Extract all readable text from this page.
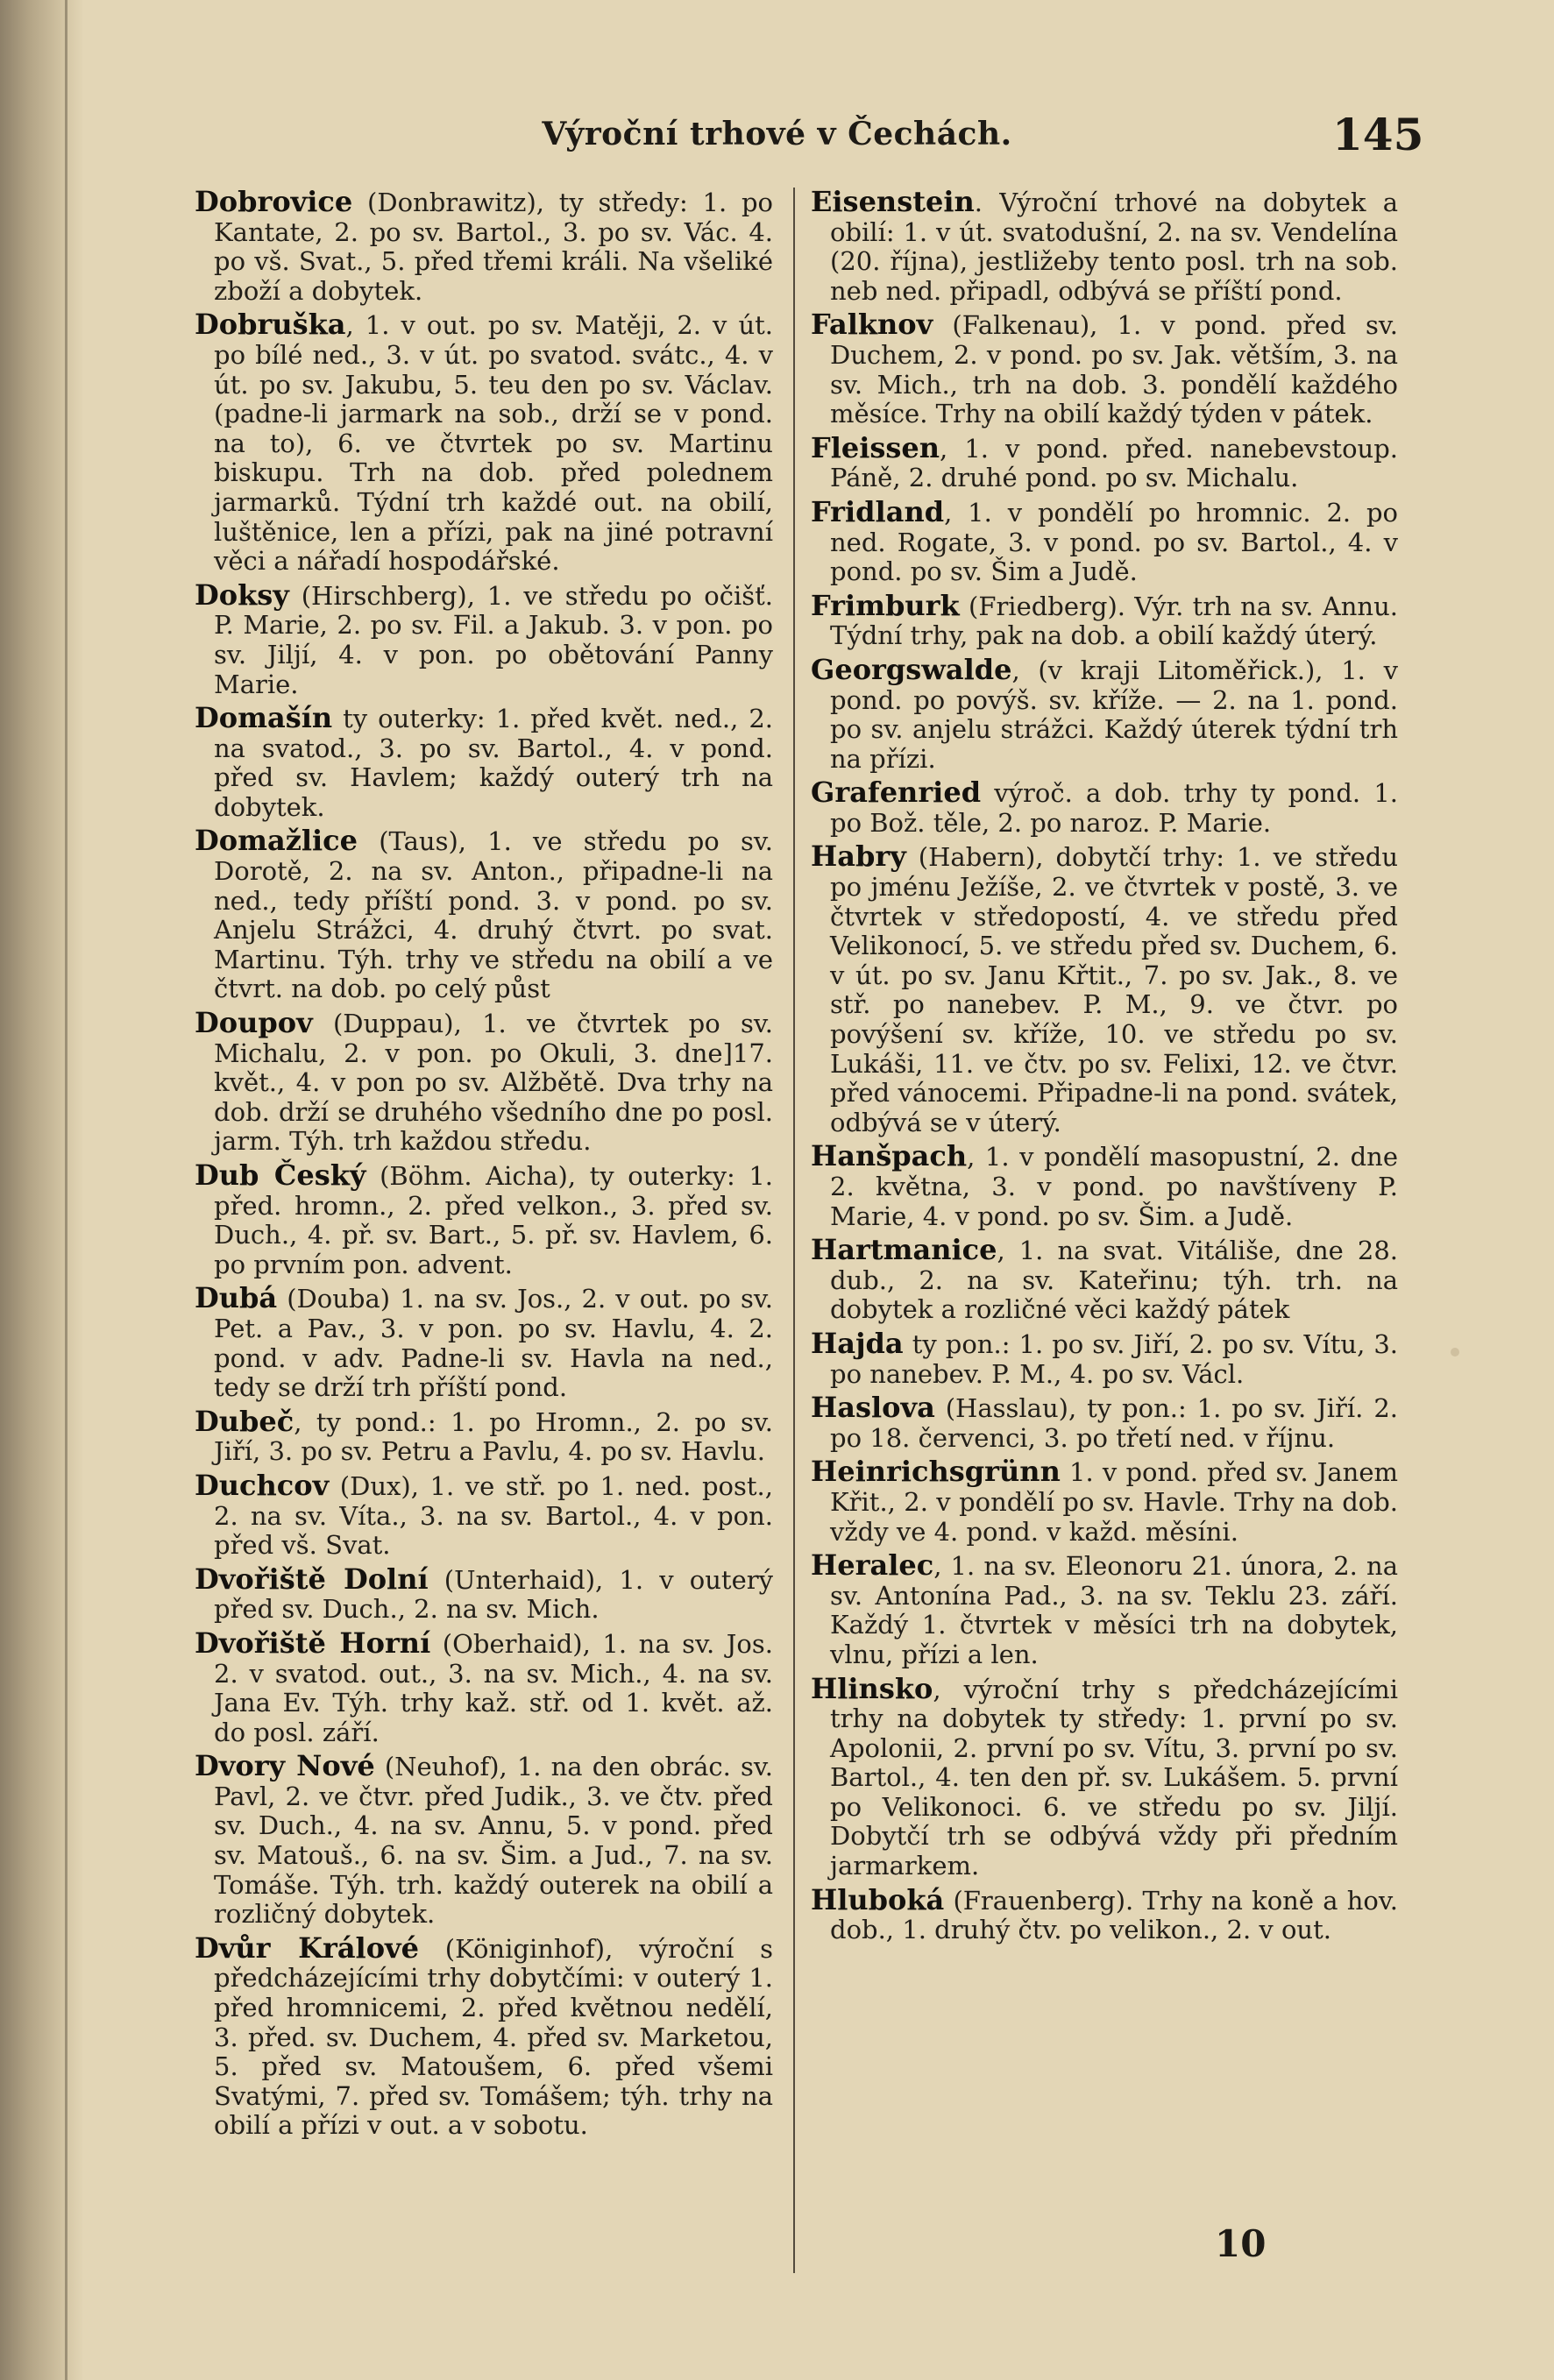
Výroční trhové v Čechách.	145

Dobrovice (Donbrawitz), ty středy: 1. po Kantate, 2. po sv. Bartol., 3. po sv. Vác. 4. po vš. Svat., 5. před třemi králi. Na všeliké zboží a dobytek.

Dobruška, 1. v out. po sv. Matěji, 2. v út. po bílé ned., 3. v út. po svatod. svátc., 4. v út. po sv. Jakubu, 5. teu den po sv. Václav. (padne-li jarmark na sob., drží se v pond. na to), 6. ve čtvrtek po sv. Martinu biskupu. Trh na dob. před polednem jarmarků. Týdní trh každé out. na obilí, luštěnice, len a přízi, pak na jiné potravní věci a nářadí hospodářské.

Doksy (Hirschberg), 1. ve středu po očišť. P. Marie, 2. po sv. Fil. a Jakub. 3. v pon. po sv. Jiljí, 4. v pon. po obětování Panny Marie.

Domašín ty outerky: 1. před květ. ned., 2. na svatod., 3. po sv. Bartol., 4. v pond. před sv. Havlem; každý outerý trh na dobytek.

Domažlice (Taus), 1. ve středu po sv. Dorotě, 2. na sv. Anton., připadne-li na ned., tedy příští pond. 3. v pond. po sv. Anjelu Strážci, 4. druhý čtvrt. po svat. Martinu. Týh. trhy ve středu na obilí a ve čtvrt. na dob. po celý půst

Doupov (Duppau), 1. ve čtvrtek po sv. Michalu, 2. v pon. po Okuli, 3. dne]17. květ., 4. v pon po sv. Alžbětě. Dva trhy na dob. drží se druhého všedního dne po posl. jarm. Týh. trh každou středu.

Dub Český (Böhm. Aicha), ty outerky: 1. před. hromn., 2. před velkon., 3. před sv. Duch., 4. př. sv. Bart., 5. př. sv. Havlem, 6. po prvním pon. advent.

Dubá (Douba) 1. na sv. Jos., 2. v out. po sv. Pet. a Pav., 3. v pon. po sv. Havlu, 4. 2. pond. v adv. Padne-li sv. Havla na ned., tedy se drží trh příští pond.

Dubeč, ty pond.: 1. po Hromn., 2. po sv. Jiří, 3. po sv. Petru a Pavlu, 4. po sv. Havlu.

Duchcov (Dux), 1. ve stř. po 1. ned. post., 2. na sv. Víta., 3. na sv. Bartol., 4. v pon. před vš. Svat.

Dvořiště Dolní (Unterhaid), 1. v outerý před sv. Duch., 2. na sv. Mich.

Dvořiště Horní (Oberhaid), 1. na sv. Jos. 2. v svatod. out., 3. na sv. Mich., 4. na sv. Jana Ev. Týh. trhy kaž. stř. od 1. květ. až. do posl. září.

Dvory Nové (Neuhof), 1. na den obrác. sv. Pavl, 2. ve čtvr. před Judik., 3. ve čtv. před sv. Duch., 4. na sv. Annu, 5. v pond. před sv. Matouš., 6. na sv. Šim. a Jud., 7. na sv. Tomáše. Týh. trh. každý outerek na obilí a rozličný dobytek.

Dvůr Králové (Königinhof), výroční s předcházejícími trhy dobytčími: v outerý 1. před hromnicemi, 2. před květnou nedělí, 3. před. sv. Duchem, 4. před sv. Marketou, 5. před sv. Matoušem, 6. před všemi Svatými, 7. před sv. Tomášem; týh. trhy na obilí a přízi v out. a v sobotu.

Eisenstein. Výroční trhové na dobytek a obilí: 1. v út. svatodušní, 2. na sv. Vendelína (20. října), jestližeby tento posl. trh na sob. neb ned. připadl, odbývá se příští pond.

Falknov (Falkenau), 1. v pond. před sv. Duchem, 2. v pond. po sv. Jak. větším, 3. na sv. Mich., trh na dob. 3. pondělí každého měsíce. Trhy na obilí každý týden v pátek.

Fleissen, 1. v pond. před. nanebevstoup. Páně, 2. druhé pond. po sv. Michalu.

Fridland, 1. v pondělí po hromnic. 2. po ned. Rogate, 3. v pond. po sv. Bartol., 4. v pond. po sv. Šim a Judě.

Frimburk (Friedberg). Výr. trh na sv. Annu. Týdní trhy, pak na dob. a obilí každý úterý.

Georgswalde, (v kraji Litoměřick.), 1. v pond. po povýš. sv. kříže. — 2. na 1. pond. po sv. anjelu strážci. Každý úterek týdní trh na přízi.

Grafenried výroč. a dob. trhy ty pond. 1. po Bož. těle, 2. po naroz. P. Marie.

Habry (Habern), dobytčí trhy: 1. ve středu po jménu Ježíše, 2. ve čtvrtek v postě, 3. ve čtvrtek v středopostí, 4. ve středu před Velikonocí, 5. ve středu před sv. Duchem, 6. v út. po sv. Janu Křtit., 7. po sv. Jak., 8. ve stř. po nanebev. P. M., 9. ve čtvr. po povýšení sv. kříže, 10. ve středu po sv. Lukáši, 11. ve čtv. po sv. Felixi, 12. ve čtvr. před vánocemi. Připadne-li na pond. svátek, odbývá se v úterý.

Hanšpach, 1. v pondělí masopustní, 2. dne 2. května, 3. v pond. po navštíveny P. Marie, 4. v pond. po sv. Šim. a Judě.

Hartmanice, 1. na svat. Vitáliše, dne 28. dub., 2. na sv. Kateřinu; týh. trh. na dobytek a rozličné věci každý pátek

Hajda ty pon.: 1. po sv. Jiří, 2. po sv. Vítu, 3. po nanebev. P. M., 4. po sv. Václ.

Haslova (Hasslau), ty pon.: 1. po sv. Jiří. 2. po 18. červenci, 3. po třetí ned. v říjnu.

Heinrichsgrünn 1. v pond. před sv. Janem Křit., 2. v pondělí po sv. Havle. Trhy na dob. vždy ve 4. pond. v každ. měsíni.

Heralec, 1. na sv. Eleonoru 21. února, 2. na sv. Antonína Pad., 3. na sv. Teklu 23. září. Každý 1. čtvrtek v měsíci trh na dobytek, vlnu, přízi a len.

Hlinsko, výroční trhy s předcházejícími trhy na dobytek ty středy: 1. první po sv. Apolonii, 2. první po sv. Vítu, 3. první po sv. Bartol., 4. ten den př. sv. Lukášem. 5. první po Velikonoci. 6. ve středu po sv. Jiljí. Dobytčí trh se odbývá vždy při předním jarmarkem.

Hluboká (Frauenberg). Trhy na koně a hov. dob., 1. druhý čtv. po velikon., 2. v out.

10
